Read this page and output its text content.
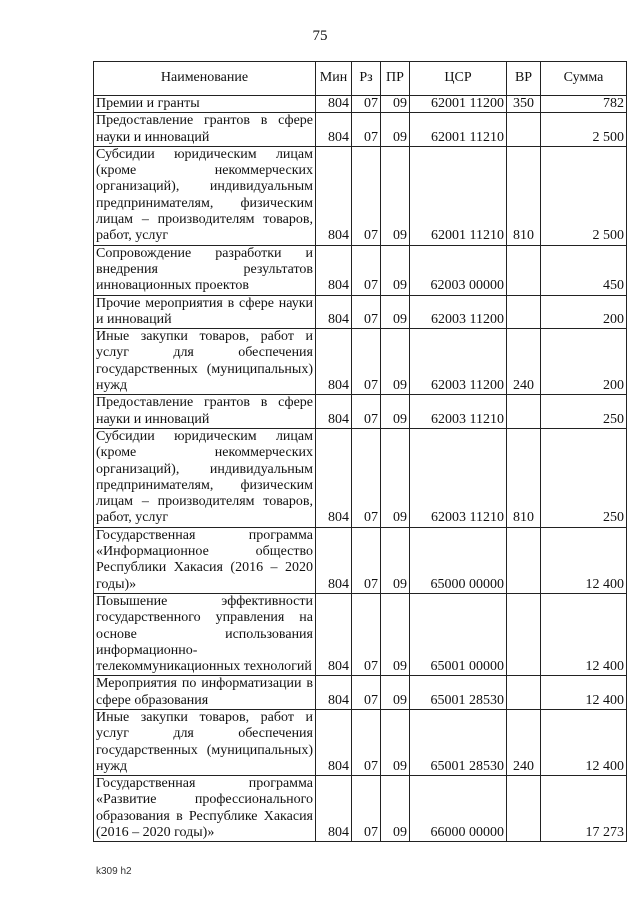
75
Наименование	Мин	Рз	ПР	ЦСР	ВР	Сумма
Премии и гранты	804	07	09	62001 11200	350	782
Предоставление грантов в сфере науки и инноваций	804	07	09	62001 11210		2 500
Субсидии юридическим лицам (кроме некоммерческих организаций), индивидуальным предпринимателям, физическим лицам – производителям товаров, работ, услуг	804	07	09	62001 11210	810	2 500
Сопровождение разработки и внедрения результатов инновационных проектов	804	07	09	62003 00000		450
Прочие мероприятия в сфере науки и инноваций	804	07	09	62003 11200		200
Иные закупки товаров, работ и услуг для обеспечения государственных (муниципальных) нужд	804	07	09	62003 11200	240	200
Предоставление грантов в сфере науки и инноваций	804	07	09	62003 11210		250
Субсидии юридическим лицам (кроме некоммерческих организаций), индивидуальным предпринимателям, физическим лицам – производителям товаров, работ, услуг	804	07	09	62003 11210	810	250
Государственная программа «Информационное общество Республики Хакасия (2016 – 2020 годы)»	804	07	09	65000 00000		12 400
Повышение эффективности государственного управления на основе использования информационно-телекоммуникационных технологий	804	07	09	65001 00000		12 400
Мероприятия по информатизации в сфере образования	804	07	09	65001 28530		12 400
Иные закупки товаров, работ и услуг для обеспечения государственных (муниципальных) нужд	804	07	09	65001 28530	240	12 400
Государственная программа «Развитие профессионального образования в Республике Хакасия (2016 – 2020 годы)»	804	07	09	66000 00000		17 273
k309 h2
